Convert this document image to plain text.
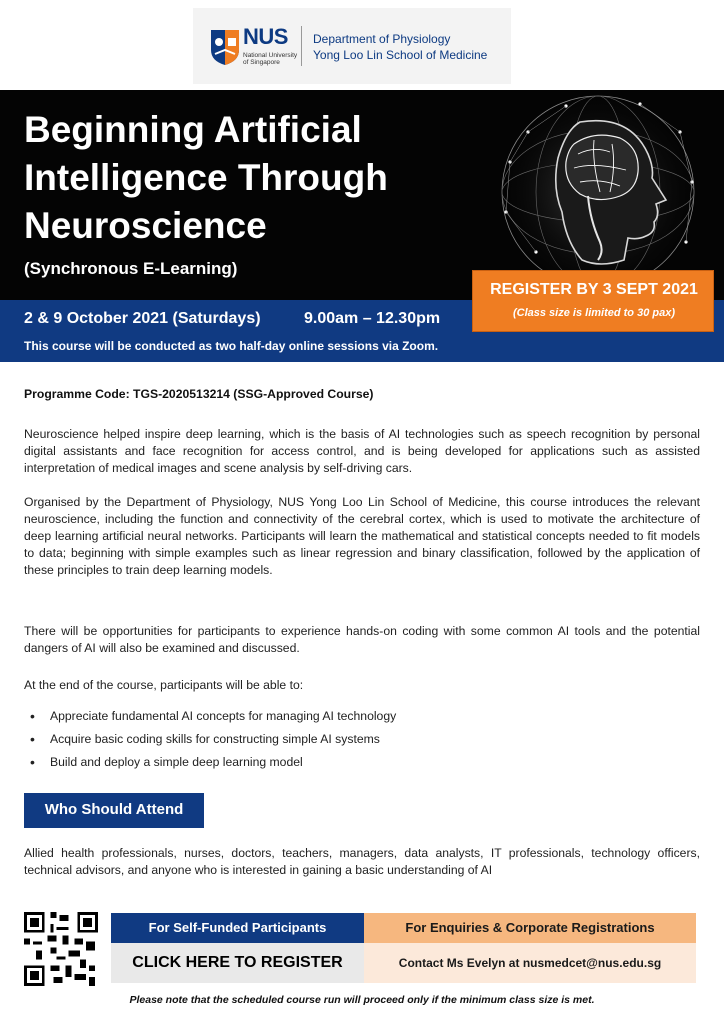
NUS
National University
of Singapore
Department of Physiology
Yong Loo Lin School of Medicine
Beginning Artificial
Intelligence Through
Neuroscience
(Synchronous E-Learning)
2 & 9 October 2021 (Saturdays)	9.00am – 12.30pm
This course will be conducted as two half-day online sessions via Zoom.
REGISTER BY 3 SEPT 2021
(Class size is limited to 30 pax)
Programme Code: TGS-2020513214 (SSG-Approved Course)

Neuroscience helped inspire deep learning, which is the basis of AI technologies such as speech recognition by personal digital assistants and face recognition for access control, and is being developed for applications such as assisted interpretation of medical images and scene analysis by self-driving cars.

Organised by the Department of Physiology, NUS Yong Loo Lin School of Medicine, this course introduces the relevant neuroscience, including the function and connectivity of the cerebral cortex, which is used to motivate the architecture of deep learning artificial neural networks. Participants will learn the mathematical and statistical concepts needed to fit models to data; beginning with simple examples such as linear regression and binary classification, followed by the application of these principles to train deep learning models.

There will be opportunities for participants to experience hands-on coding with some common AI tools and the potential dangers of AI will also be examined and discussed.

At the end of the course, participants will be able to:

• Appreciate fundamental AI concepts for managing AI technology
• Acquire basic coding skills for constructing simple AI systems
• Build and deploy a simple deep learning model
Who Should Attend

Allied health professionals, nurses, doctors, teachers, managers, data analysts, IT professionals, technology officers, technical advisors, and anyone who is interested in gaining a basic understanding of AI

For Self-Funded Participants	For Enquiries & Corporate Registrations
CLICK HERE TO REGISTER	Contact Ms Evelyn at nusmedcet@nus.edu.sg
Please note that the scheduled course run will proceed only if the minimum class size is met.
